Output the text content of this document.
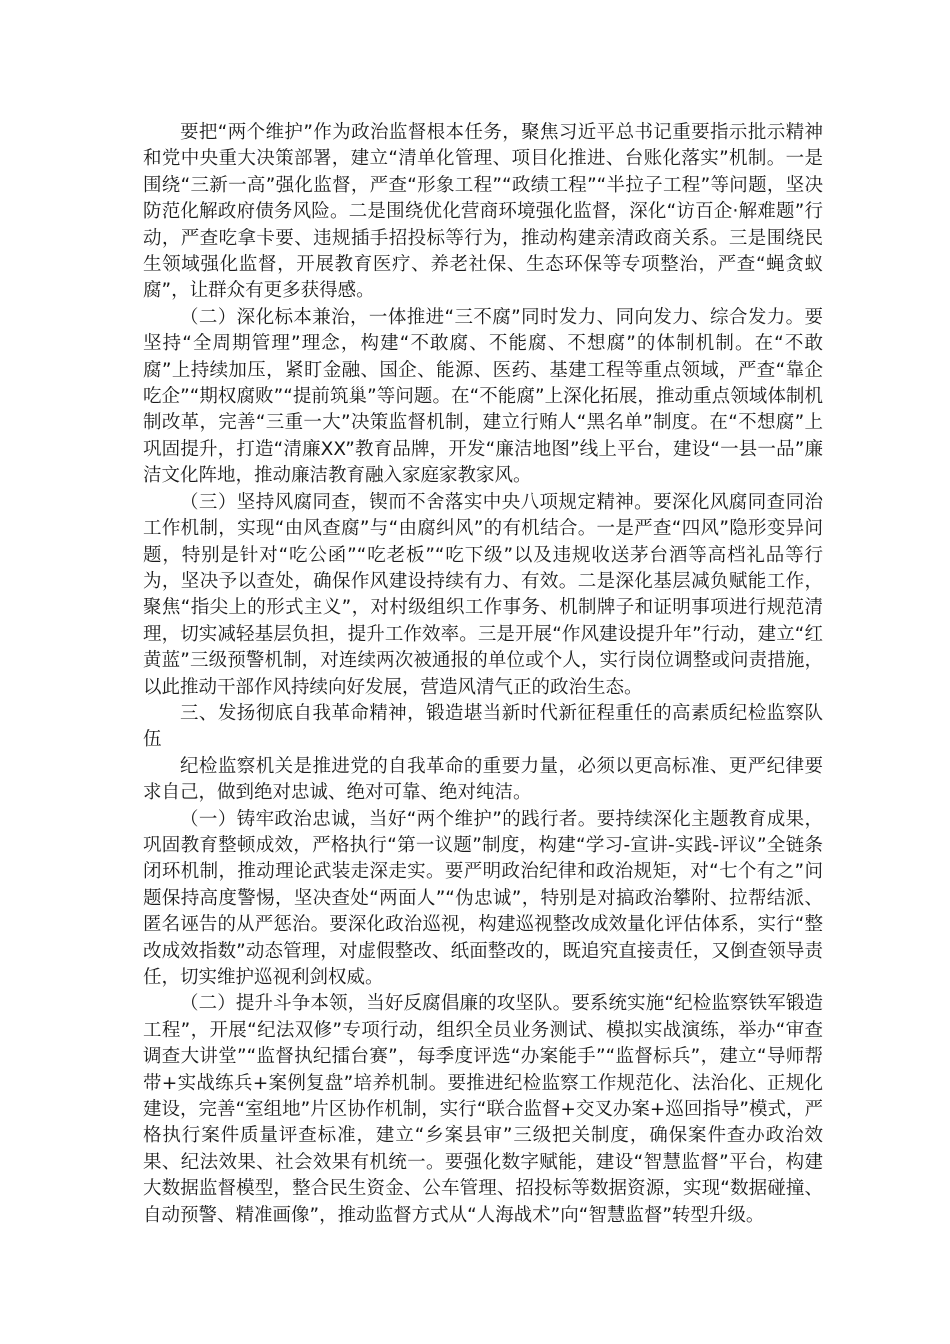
要把“两个维护”作为政治监督根本任务，聚焦习近平总书记重要指示批示精神和党中央重大决策部署，建立“清单化管理、项目化推进、台账化落实”机制。一是围绕“三新一高”强化监督，严查“形象工程”“政绩工程”“半拉子工程”等问题，坚决防范化解政府债务风险。二是围绕优化营商环境强化监督，深化“访百企·解难题”行动，严查吃拿卡要、违规插手招投标等行为，推动构建亲清政商关系。三是围绕民生领域强化监督，开展教育医疗、养老社保、生态环保等专项整治，严查“蝇贪蚁腐”，让群众有更多获得感。

（二）深化标本兼治，一体推进“三不腐”同时发力、同向发力、综合发力。要坚持“全周期管理”理念，构建“不敢腐、不能腐、不想腐”的体制机制。在“不敢腐”上持续加压，紧盯金融、国企、能源、医药、基建工程等重点领域，严查“靠企吃企”“期权腐败”“提前筑巢”等问题。在“不能腐”上深化拓展，推动重点领域体制机制改革，完善“三重一大”决策监督机制，建立行贿人“黑名单”制度。在“不想腐”上巩固提升，打造“清廉XX”教育品牌，开发“廉洁地图”线上平台，建设“一县一品”廉洁文化阵地，推动廉洁教育融入家庭家教家风。

（三）坚持风腐同查，锲而不舍落实中央八项规定精神。要深化风腐同查同治工作机制，实现“由风查腐”与“由腐纠风”的有机结合。一是严查“四风”隐形变异问题，特别是针对“吃公函”“吃老板”“吃下级”以及违规收送茅台酒等高档礼品等行为，坚决予以查处，确保作风建设持续有力、有效。二是深化基层减负赋能工作，聚焦“指尖上的形式主义”，对村级组织工作事务、机制牌子和证明事项进行规范清理，切实减轻基层负担，提升工作效率。三是开展“作风建设提升年”行动，建立“红黄蓝”三级预警机制，对连续两次被通报的单位或个人，实行岗位调整或问责措施，以此推动干部作风持续向好发展，营造风清气正的政治生态。

三、发扬彻底自我革命精神，锻造堪当新时代新征程重任的高素质纪检监察队伍

纪检监察机关是推进党的自我革命的重要力量，必须以更高标准、更严纪律要求自己，做到绝对忠诚、绝对可靠、绝对纯洁。

（一）铸牢政治忠诚，当好“两个维护”的践行者。要持续深化主题教育成果，巩固教育整顿成效，严格执行“第一议题”制度，构建“学习-宣讲-实践-评议”全链条闭环机制，推动理论武装走深走实。要严明政治纪律和政治规矩，对“七个有之”问题保持高度警惕，坚决查处“两面人”“伪忠诚”，特别是对搞政治攀附、拉帮结派、匿名诬告的从严惩治。要深化政治巡视，构建巡视整改成效量化评估体系，实行“整改成效指数”动态管理，对虚假整改、纸面整改的，既追究直接责任，又倒查领导责任，切实维护巡视利剑权威。

（二）提升斗争本领，当好反腐倡廉的攻坚队。要系统实施“纪检监察铁军锻造工程”，开展“纪法双修”专项行动，组织全员业务测试、模拟实战演练，举办“审查调查大讲堂”“监督执纪擂台赛”，每季度评选“办案能手”“监督标兵”，建立“导师帮带+实战练兵+案例复盘”培养机制。要推进纪检监察工作规范化、法治化、正规化建设，完善“室组地”片区协作机制，实行“联合监督+交叉办案+巡回指导”模式，严格执行案件质量评查标准，建立“乡案县审”三级把关制度，确保案件查办政治效果、纪法效果、社会效果有机统一。要强化数字赋能，建设“智慧监督”平台，构建大数据监督模型，整合民生资金、公车管理、招投标等数据资源，实现“数据碰撞、自动预警、精准画像”，推动监督方式从“人海战术”向“智慧监督”转型升级。
